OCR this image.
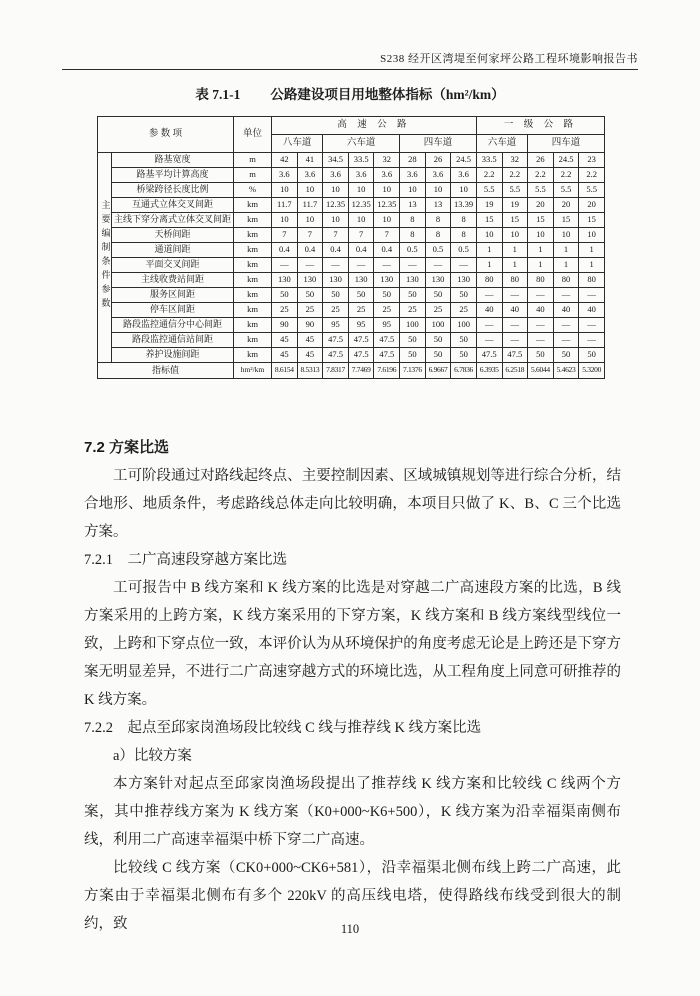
S238 经开区湾堤至何家坪公路工程环境影响报告书
表 7.1-1 公路建设项目用地整体指标（hm²/km）
参 数 项		单位	高 速 公 路								一 级 公 路				
			八车道		六车道			四车道			六车道		四车道		
主要编制条件参数	路基宽度	m	42	41	34.5	33.5	32	28	26	24.5	33.5	32	26	24.5	23
	路基平均计算高度	m	3.6	3.6	3.6	3.6	3.6	3.6	3.6	3.6	2.2	2.2	2.2	2.2	2.2
	桥梁跨径长度比例	%	10	10	10	10	10	10	10	10	5.5	5.5	5.5	5.5	5.5
	互通式立体交叉间距	km	11.7	11.7	12.35	12.35	12.35	13	13	13.39	19	19	20	20	20
	主线下穿分离式立体交叉间距	km	10	10	10	10	10	8	8	8	15	15	15	15	15
	天桥间距	km	7	7	7	7	7	8	8	8	10	10	10	10	10
	通道间距	km	0.4	0.4	0.4	0.4	0.4	0.5	0.5	0.5	1	1	1	1	1
	平面交叉间距	km	—	—	—	—	—	—	—	—	1	1	1	1	1
	主线收费站间距	km	130	130	130	130	130	130	130	130	80	80	80	80	80
	服务区间距	km	50	50	50	50	50	50	50	50	—	—	—	—	—
	停车区间距	km	25	25	25	25	25	25	25	25	40	40	40	40	40
	路段监控通信分中心间距	km	90	90	95	95	95	100	100	100	—	—	—	—	—
	路段监控通信站间距	km	45	45	47.5	47.5	47.5	50	50	50	—	—	—	—	—
	养护设施间距	km	45	45	47.5	47.5	47.5	50	50	50	47.5	47.5	50	50	50
指标值		hm²/km	8.6154	8.5313	7.8317	7.7469	7.6196	7.1376	6.9667	6.7836	6.3935	6.2518	5.6044	5.4623	5.3200
7.2 方案比选

工可阶段通过对路线起终点、主要控制因素、区域城镇规划等进行综合分析，结合地形、地质条件，考虑路线总体走向比较明确，本项目只做了 K、B、C 三个比选方案。

7.2.1　二广高速段穿越方案比选

工可报告中 B 线方案和 K 线方案的比选是对穿越二广高速段方案的比选，B 线方案采用的上跨方案，K 线方案采用的下穿方案，K 线方案和 B 线方案线型线位一致，上跨和下穿点位一致，本评价认为从环境保护的角度考虑无论是上跨还是下穿方案无明显差异，不进行二广高速穿越方式的环境比选，从工程角度上同意可研推荐的 K 线方案。

7.2.2　起点至邱家岗渔场段比较线 C 线与推荐线 K 线方案比选

a）比较方案

本方案针对起点至邱家岗渔场段提出了推荐线 K 线方案和比较线 C 线两个方案，其中推荐线方案为 K 线方案（K0+000~K6+500），K 线方案为沿幸福渠南侧布线，利用二广高速幸福渠中桥下穿二广高速。

比较线 C 线方案（CK0+000~CK6+581），沿幸福渠北侧布线上跨二广高速，此方案由于幸福渠北侧布有多个 220kV 的高压线电塔，使得路线布线受到很大的制约，致	110
